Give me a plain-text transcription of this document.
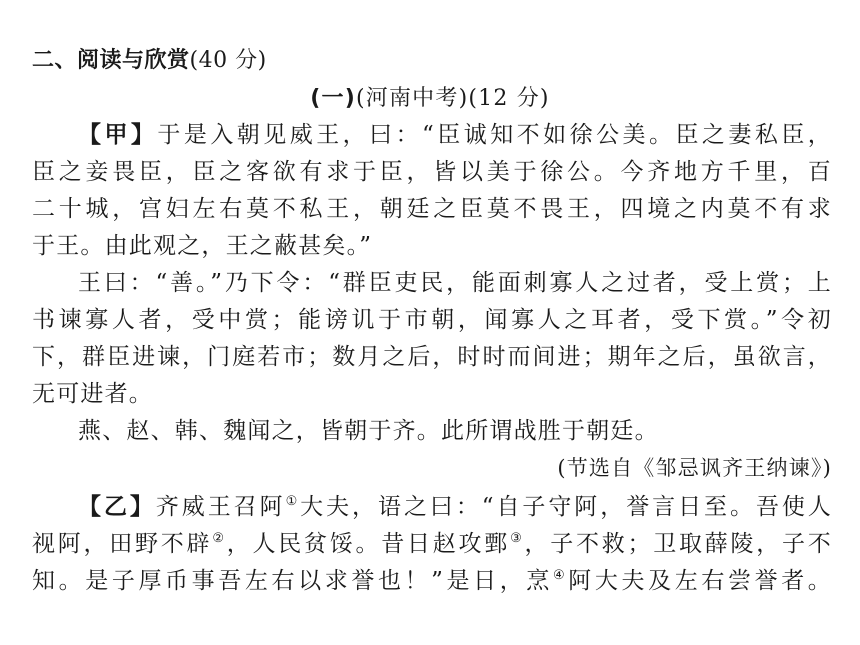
二、阅读与欣赏(40 分)
(一)(河南中考)(12 分)
【甲】于是入朝见威王，曰：“臣诚知不如徐公美。臣之妻私臣，
臣之妾畏臣，臣之客欲有求于臣，皆以美于徐公。今齐地方千里，百
二十城，宫妇左右莫不私王，朝廷之臣莫不畏王，四境之内莫不有求
于王。由此观之，王之蔽甚矣。”
王曰：“善。”乃下令：“群臣吏民，能面刺寡人之过者，受上赏；上
书谏寡人者，受中赏；能谤讥于市朝，闻寡人之耳者，受下赏。”令初
下，群臣进谏，门庭若市；数月之后，时时而间进；期年之后，虽欲言，
无可进者。
燕、赵、韩、魏闻之，皆朝于齐。此所谓战胜于朝廷。
(节选自《邹忌讽齐王纳谏》)
【乙】齐威王召阿①大夫，语之曰：“自子守阿，誉言日至。吾使人
视阿，田野不辟②，人民贫馁。昔日赵攻鄄③，子不救；卫取薛陵，子不
知。是子厚币事吾左右以求誉也！”是日，烹④阿大夫及左右尝誉者。
